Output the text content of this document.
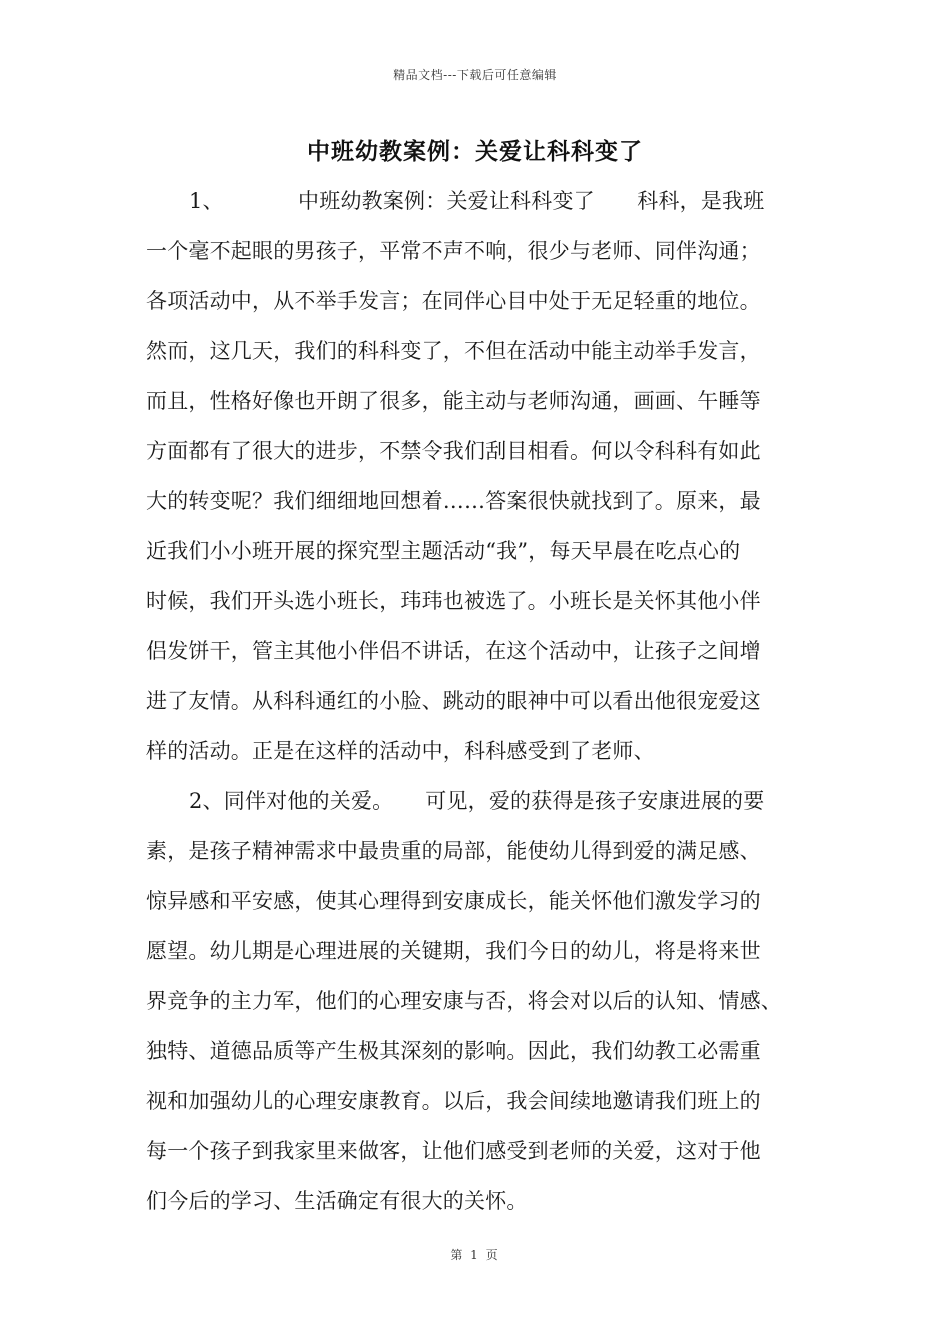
精品文档---下载后可任意编辑
中班幼教案例：关爱让科科变了
1、　　　　中班幼教案例：关爱让科科变了　　科科，是我班
一个毫不起眼的男孩子，平常不声不响，很少与老师、同伴沟通；
各项活动中，从不举手发言；在同伴心目中处于无足轻重的地位。
然而，这几天，我们的科科变了，不但在活动中能主动举手发言，
而且，性格好像也开朗了很多，能主动与老师沟通，画画、午睡等
方面都有了很大的进步，不禁令我们刮目相看。何以令科科有如此
大的转变呢？我们细细地回想着……答案很快就找到了。原来，最
近我们小小班开展的探究型主题活动“我”，每天早晨在吃点心的
时候，我们开头选小班长，玮玮也被选了。小班长是关怀其他小伴
侣发饼干，管主其他小伴侣不讲话，在这个活动中，让孩子之间增
进了友情。从科科通红的小脸、跳动的眼神中可以看出他很宠爱这
样的活动。正是在这样的活动中，科科感受到了老师、
2、同伴对他的关爱。　　可见，爱的获得是孩子安康进展的要
素，是孩子精神需求中最贵重的局部，能使幼儿得到爱的满足感、
惊异感和平安感，使其心理得到安康成长，能关怀他们激发学习的
愿望。幼儿期是心理进展的关键期，我们今日的幼儿，将是将来世
界竞争的主力军，他们的心理安康与否，将会对以后的认知、情感、
独特、道德品质等产生极其深刻的影响。因此，我们幼教工必需重
视和加强幼儿的心理安康教育。以后，我会间续地邀请我们班上的
每一个孩子到我家里来做客，让他们感受到老师的关爱，这对于他
们今后的学习、生活确定有很大的关怀。
第 1 页
